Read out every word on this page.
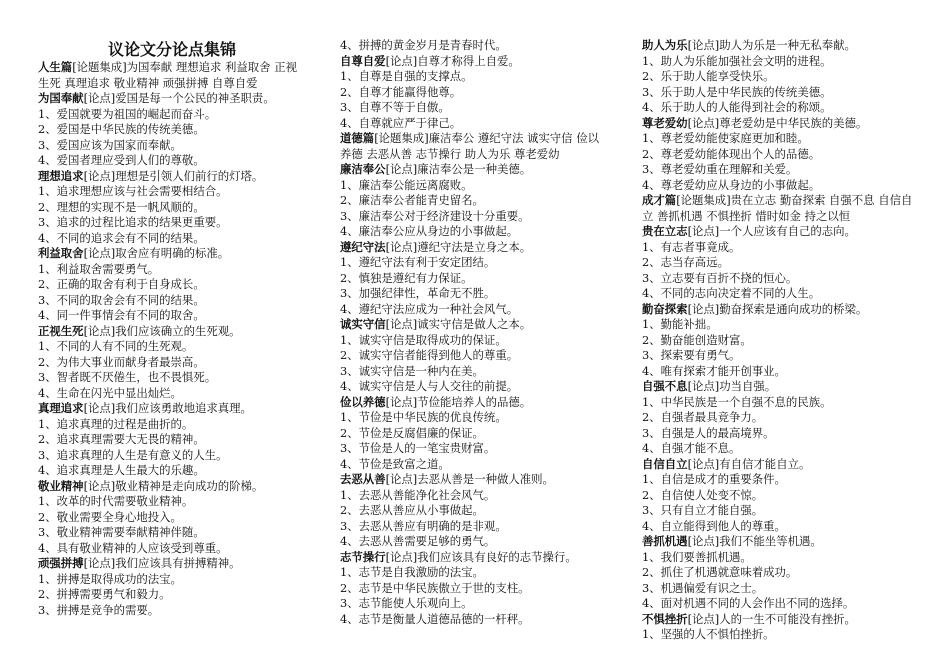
议论文分论点集锦
人生篇[论题集成]为国奉献 理想追求 利益取舍 正视生死 真理追求 敬业精神 顽强拼搏 自尊自爱
为国奉献[论点]爱国是每一个公民的神圣职责。
1、爱国就要为祖国的崛起而奋斗。
2、爱国是中华民族的传统美德。
3、爱国应该为国家而奉献。
4、爱国者理应受到人们的尊敬。
理想追求[论点]理想是引领人们前行的灯塔。
1、追求理想应该与社会需要相结合。
2、理想的实现不是一帆风顺的。
3、追求的过程比追求的结果更重要。
4、不同的追求会有不同的结果。
利益取舍[论点]取舍应有明确的标准。
1、利益取舍需要勇气。
2、正确的取舍有利于自身成长。
3、不同的取舍会有不同的结果。
4、同一件事情会有不同的取舍。
正视生死[论点]我们应该确立的生死观。
1、不同的人有不同的生死观。
2、为伟大事业而献身者最崇高。
3、智者既不厌倦生，也不畏惧死。
4、生命在闪光中显出灿烂。
真理追求[论点]我们应该勇敢地追求真理。
1、追求真理的过程是曲折的。
2、追求真理需要大无畏的精神。
3、追求真理的人生是有意义的人生。
4、追求真理是人生最大的乐趣。
敬业精神[论点]敬业精神是走向成功的阶梯。
1、改革的时代需要敬业精神。
2、敬业需要全身心地投入。
3、敬业精神需要奉献精神伴随。
4、具有敬业精神的人应该受到尊重。
顽强拼搏[论点]我们应该具有拼搏精神。
1、拼搏是取得成功的法宝。
2、拼搏需要勇气和毅力。
3、拼搏是竞争的需要。
4、拼搏的黄金岁月是青春时代。
自尊自爱[论点]自尊才称得上自爱。
1、自尊是自强的支撑点。
2、自尊才能赢得他尊。
3、自尊不等于自傲。
4、自尊就应严于律己。
道德篇[论题集成]廉洁奉公 遵纪守法 诚实守信 俭以养德 去恶从善 志节操行 助人为乐 尊老爱幼
廉洁奉公[论点]廉洁奉公是一种美德。
1、廉洁奉公能远离腐败。
2、廉洁奉公者能青史留名。
3、廉洁奉公对于经济建设十分重要。
4、廉洁奉公应从身边的小事做起。
遵纪守法[论点]遵纪守法是立身之本。
1、遵纪守法有利于安定团结。
2、慎独是遵纪有力保证。
3、加强纪律性，革命无不胜。
4、遵纪守法应成为一种社会风气。
诚实守信[论点]诚实守信是做人之本。
1、诚实守信是取得成功的保证。
2、诚实守信者能得到他人的尊重。
3、诚实守信是一种内在美。
4、诚实守信是人与人交往的前提。
俭以养德[论点]节俭能培养人的品德。
1、节俭是中华民族的优良传统。
2、节俭是反腐倡廉的保证。
3、节俭是人的一笔宝贵财富。
4、节俭是致富之道。
去恶从善[论点]去恶从善是一种做人准则。
1、去恶从善能净化社会风气。
2、去恶从善应从小事做起。
3、去恶从善应有明确的是非观。
4、去恶从善需要足够的勇气。
志节操行[论点]我们应该具有良好的志节操行。
1、志节是自我激励的法宝。
2、志节是中华民族傲立于世的支柱。
3、志节能使人乐观向上。
4、志节是衡量人道德品德的一杆秤。
助人为乐[论点]助人为乐是一种无私奉献。
1、助人为乐能加强社会文明的进程。
2、乐于助人能享受快乐。
3、乐于助人是中华民族的传统美德。
4、乐于助人的人能得到社会的称颂。
尊老爱幼[论点]尊老爱幼是中华民族的美德。
1、尊老爱幼能使家庭更加和睦。
2、尊老爱幼能体现出个人的品德。
3、尊老爱幼重在理解和关爱。
4、尊老爱幼应从身边的小事做起。
成才篇[论题集成]贵在立志 勤奋探索 自强不息 自信自立 善抓机遇 不惧挫折 惜时如金 持之以恒
贵在立志[论点]一个人应该有自己的志向。
1、有志者事竟成。
2、志当存高远。
3、立志要有百折不挠的恒心。
4、不同的志向决定着不同的人生。
勤奋探索[论点]勤奋探索是通向成功的桥梁。
1、勤能补拙。
2、勤奋能创造财富。
3、探索要有勇气。
4、唯有探索才能开创事业。
自强不息[论点]功当自强。
1、中华民族是一个自强不息的民族。
2、自强者最具竞争力。
3、自强是人的最高境界。
4、自强才能不息。
自信自立[论点]有自信才能自立。
1、自信是成才的重要条件。
2、自信使人处变不惊。
3、只有自立才能自强。
4、自立能得到他人的尊重。
善抓机遇[论点]我们不能坐等机遇。
1、我们要善抓机遇。
2、抓住了机遇就意味着成功。
3、机遇偏爱有识之士。
4、面对机遇不同的人会作出不同的选择。
不惧挫折[论点]人的一生不可能没有挫折。
1、坚强的人不惧怕挫折。
